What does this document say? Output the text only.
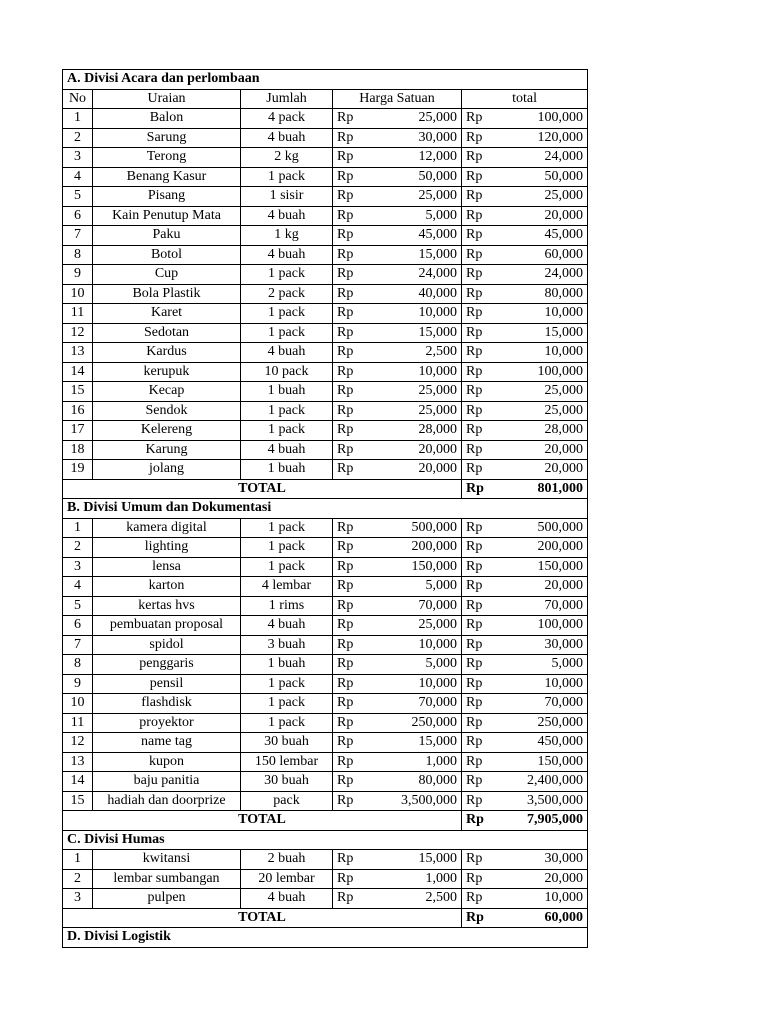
A. Divisi Acara dan perlombaan						
No	Uraian	Jumlah	Harga Satuan		total	
1	Balon	4 pack	Rp	25,000	Rp	100,000
2	Sarung	4 buah	Rp	30,000	Rp	120,000
3	Terong	2 kg	Rp	12,000	Rp	24,000
4	Benang Kasur	1 pack	Rp	50,000	Rp	50,000
5	Pisang	1 sisir	Rp	25,000	Rp	25,000
6	Kain Penutup Mata	4 buah	Rp	5,000	Rp	20,000
7	Paku	1 kg	Rp	45,000	Rp	45,000
8	Botol	4 buah	Rp	15,000	Rp	60,000
9	Cup	1 pack	Rp	24,000	Rp	24,000
10	Bola Plastik	2 pack	Rp	40,000	Rp	80,000
11	Karet	1 pack	Rp	10,000	Rp	10,000
12	Sedotan	1 pack	Rp	15,000	Rp	15,000
13	Kardus	4 buah	Rp	2,500	Rp	10,000
14	kerupuk	10 pack	Rp	10,000	Rp	100,000
15	Kecap	1 buah	Rp	25,000	Rp	25,000
16	Sendok	1 pack	Rp	25,000	Rp	25,000
17	Kelereng	1 pack	Rp	28,000	Rp	28,000
18	Karung	4 buah	Rp	20,000	Rp	20,000
19	jolang	1 buah	Rp	20,000	Rp	20,000
TOTAL					Rp	801,000
B. Divisi Umum dan Dokumentasi						
1	kamera digital	1 pack	Rp	500,000	Rp	500,000
2	lighting	1 pack	Rp	200,000	Rp	200,000
3	lensa	1 pack	Rp	150,000	Rp	150,000
4	karton	4 lembar	Rp	5,000	Rp	20,000
5	kertas hvs	1 rims	Rp	70,000	Rp	70,000
6	pembuatan proposal	4 buah	Rp	25,000	Rp	100,000
7	spidol	3 buah	Rp	10,000	Rp	30,000
8	penggaris	1 buah	Rp	5,000	Rp	5,000
9	pensil	1 pack	Rp	10,000	Rp	10,000
10	flashdisk	1 pack	Rp	70,000	Rp	70,000
11	proyektor	1 pack	Rp	250,000	Rp	250,000
12	name tag	30 buah	Rp	15,000	Rp	450,000
13	kupon	150 lembar	Rp	1,000	Rp	150,000
14	baju panitia	30 buah	Rp	80,000	Rp	2,400,000
15	hadiah dan doorprize	pack	Rp	3,500,000	Rp	3,500,000
TOTAL					Rp	7,905,000
C. Divisi Humas						
1	kwitansi	2 buah	Rp	15,000	Rp	30,000
2	lembar sumbangan	20 lembar	Rp	1,000	Rp	20,000
3	pulpen	4 buah	Rp	2,500	Rp	10,000
TOTAL					Rp	60,000
D. Divisi Logistik						
